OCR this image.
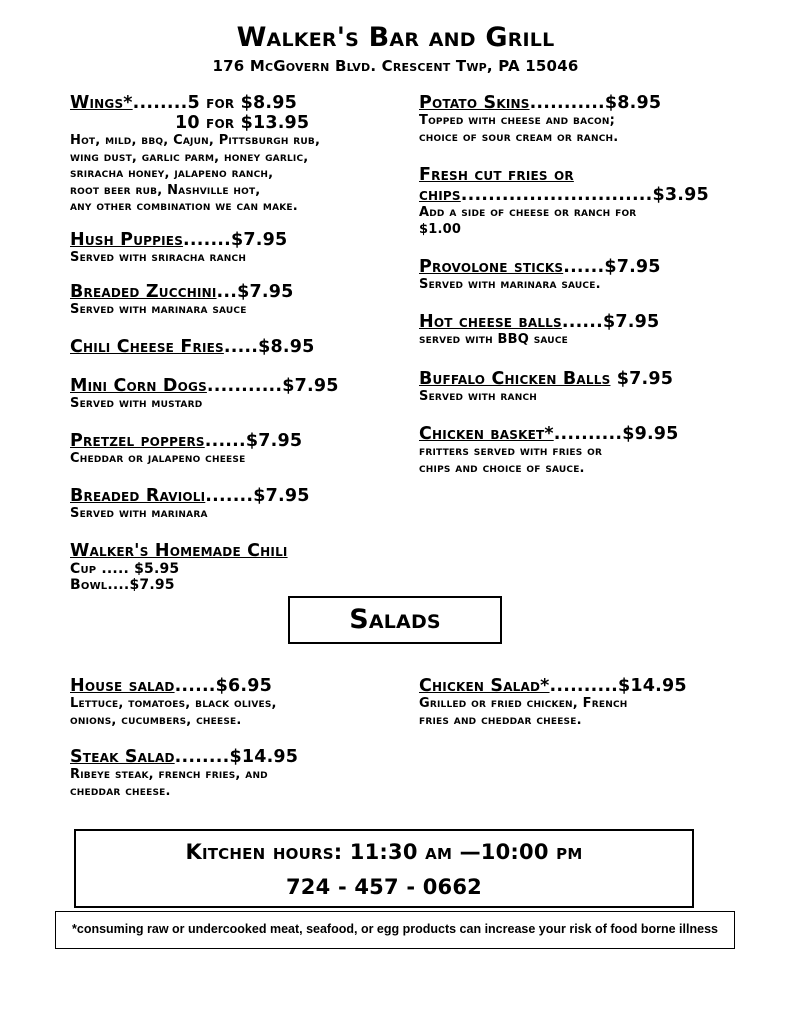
Walker's Bar and Grill
176 McGovern Blvd. Crescent Twp, PA 15046
Wings*........5 for $8.95
10 for $13.95
Hot, mild, bbq, Cajun, Pittsburgh rub,
wing dust, garlic parm, honey garlic,
sriracha honey, jalapeno ranch,
root beer rub, Nashville hot,
any other combination we can make.
Hush Puppies.......$7.95
Served with sriracha ranch
Breaded Zucchini...$7.95
Served with marinara sauce
Chili Cheese Fries.....$8.95
Mini Corn Dogs...........$7.95
Served with mustard
Pretzel poppers......$7.95
Cheddar or jalapeno cheese
Breaded Ravioli.......$7.95
Served with marinara
Walker's Homemade Chili
Cup ..... $5.95
Bowl....$7.95
Potato Skins...........$8.95
Topped with cheese and bacon;
choice of sour cream or ranch.
Fresh cut fries or
chips............................$3.95
Add a side of cheese or ranch for
$1.00
Provolone sticks......$7.95
Served with marinara sauce.
Hot cheese balls......$7.95
served with BBQ sauce
Buffalo Chicken Balls $7.95
Served with ranch
Chicken basket*..........$9.95
fritters served with fries or
chips and choice of sauce.
Salads
House salad......$6.95
Lettuce, tomatoes, black olives,
onions, cucumbers, cheese.
Steak Salad........$14.95
Ribeye steak, french fries, and
cheddar cheese.
Chicken Salad*..........$14.95
Grilled or fried chicken, French
fries and cheddar cheese.
Kitchen hours: 11:30 am —10:00 pm
724 - 457 - 0662
*consuming raw or undercooked meat, seafood, or egg products can increase your risk of food borne illness
